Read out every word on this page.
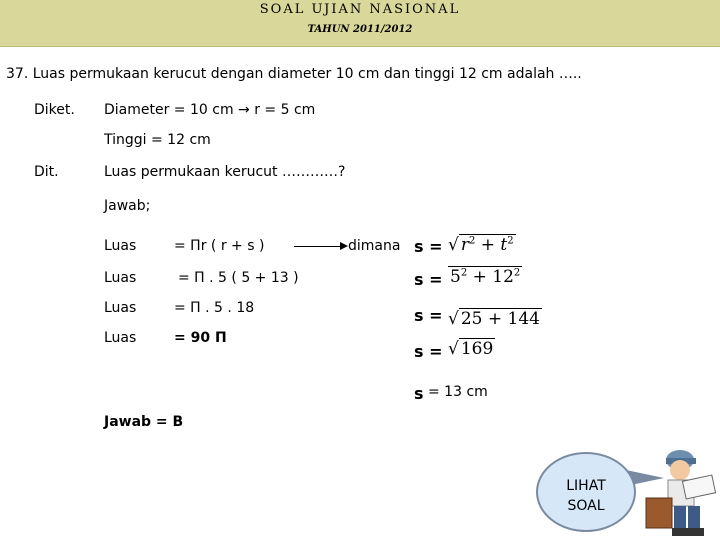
SOAL UJIAN NASIONAL
TAHUN 2011/2012
37. Luas permukaan kerucut dengan diameter 10 cm dan tinggi 12 cm adalah …..
Diket. Diameter = 10 cm → r = 5 cm
Tinggi = 12 cm
Dit.	Luas permukaan kerucut …………?
Jawab;
Luas	= Πr ( r + s )
Luas	= Π . 5 ( 5 + 13 )
Luas	= Π . 5 . 18
Luas	= 90 Π
dimana s = √ $r^2 + t^2$
$s = 5^2 + 12^2$
s = √ 25 + 144
s = √ 169
s = 13 cm
Jawab = B
LIHAT
SOAL
